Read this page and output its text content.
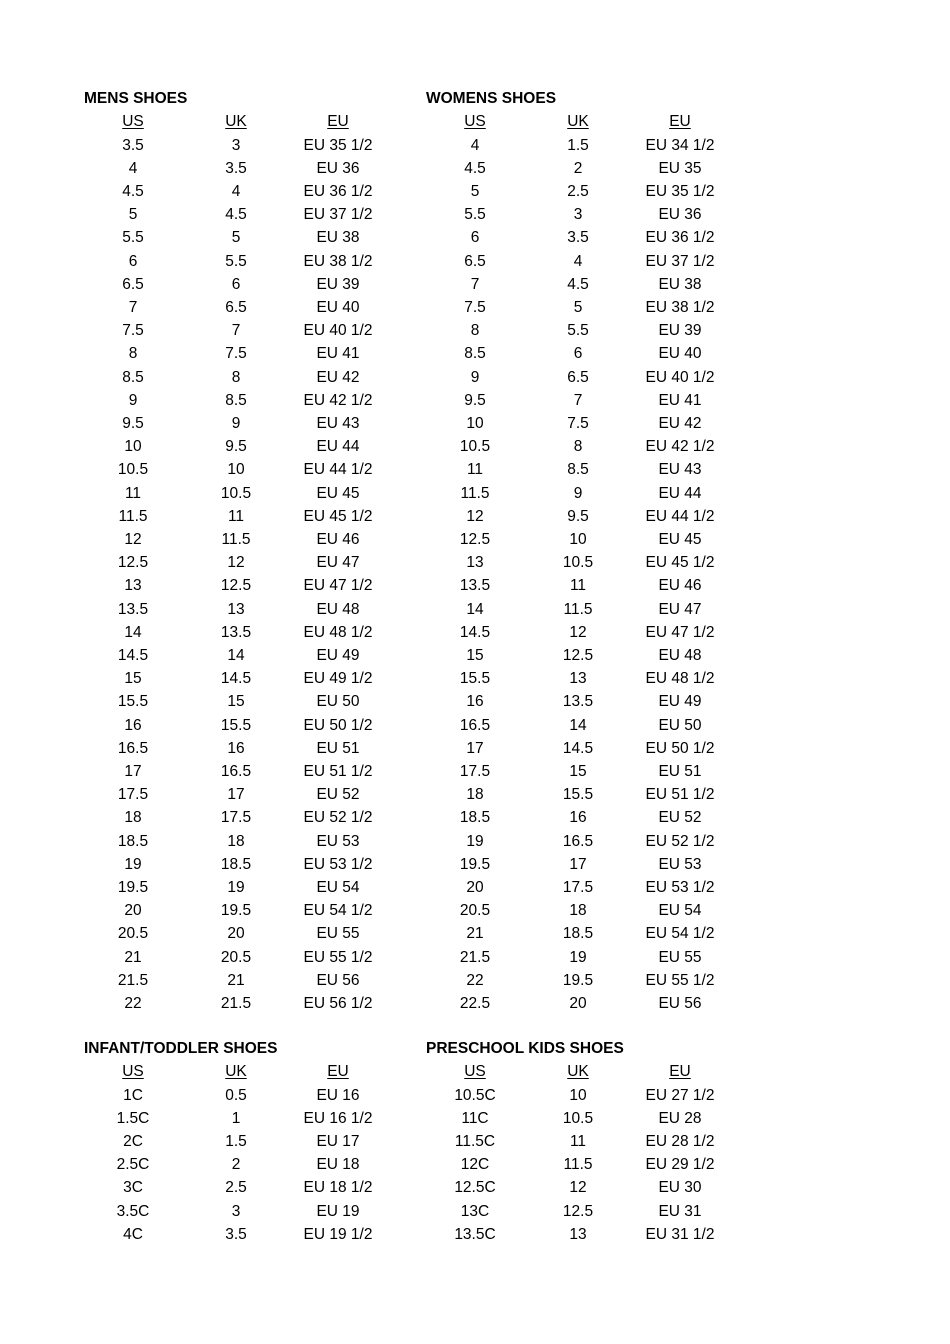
MENS SHOES
US	UK	EU
3.5	3	EU 35 1/2
4	3.5	EU 36
4.5	4	EU 36 1/2
5	4.5	EU 37 1/2
5.5	5	EU 38
6	5.5	EU 38 1/2
6.5	6	EU 39
7	6.5	EU 40
7.5	7	EU 40 1/2
8	7.5	EU 41
8.5	8	EU 42
9	8.5	EU 42 1/2
9.5	9	EU 43
10	9.5	EU 44
10.5	10	EU 44 1/2
11	10.5	EU 45
11.5	11	EU 45 1/2
12	11.5	EU 46
12.5	12	EU 47
13	12.5	EU 47 1/2
13.5	13	EU 48
14	13.5	EU 48 1/2
14.5	14	EU 49
15	14.5	EU 49 1/2
15.5	15	EU 50
16	15.5	EU 50 1/2
16.5	16	EU 51
17	16.5	EU 51 1/2
17.5	17	EU 52
18	17.5	EU 52 1/2
18.5	18	EU 53
19	18.5	EU 53 1/2
19.5	19	EU 54
20	19.5	EU 54 1/2
20.5	20	EU 55
21	20.5	EU 55 1/2
21.5	21	EU 56
22	21.5	EU 56 1/2
WOMENS SHOES
US	UK	EU
4	1.5	EU 34 1/2
4.5	2	EU 35
5	2.5	EU 35 1/2
5.5	3	EU 36
6	3.5	EU 36 1/2
6.5	4	EU 37 1/2
7	4.5	EU 38
7.5	5	EU 38 1/2
8	5.5	EU 39
8.5	6	EU 40
9	6.5	EU 40 1/2
9.5	7	EU 41
10	7.5	EU 42
10.5	8	EU 42 1/2
11	8.5	EU 43
11.5	9	EU 44
12	9.5	EU 44 1/2
12.5	10	EU 45
13	10.5	EU 45 1/2
13.5	11	EU 46
14	11.5	EU 47
14.5	12	EU 47 1/2
15	12.5	EU 48
15.5	13	EU 48 1/2
16	13.5	EU 49
16.5	14	EU 50
17	14.5	EU 50 1/2
17.5	15	EU 51
18	15.5	EU 51 1/2
18.5	16	EU 52
19	16.5	EU 52 1/2
19.5	17	EU 53
20	17.5	EU 53 1/2
20.5	18	EU 54
21	18.5	EU 54 1/2
21.5	19	EU 55
22	19.5	EU 55 1/2
22.5	20	EU 56
INFANT/TODDLER SHOES
US	UK	EU
1C	0.5	EU 16
1.5C	1	EU 16 1/2
2C	1.5	EU 17
2.5C	2	EU 18
3C	2.5	EU 18 1/2
3.5C	3	EU 19
4C	3.5	EU 19 1/2
PRESCHOOL KIDS SHOES
US	UK	EU
10.5C	10	EU 27 1/2
11C	10.5	EU 28
11.5C	11	EU 28 1/2
12C	11.5	EU 29 1/2
12.5C	12	EU 30
13C	12.5	EU 31
13.5C	13	EU 31 1/2
